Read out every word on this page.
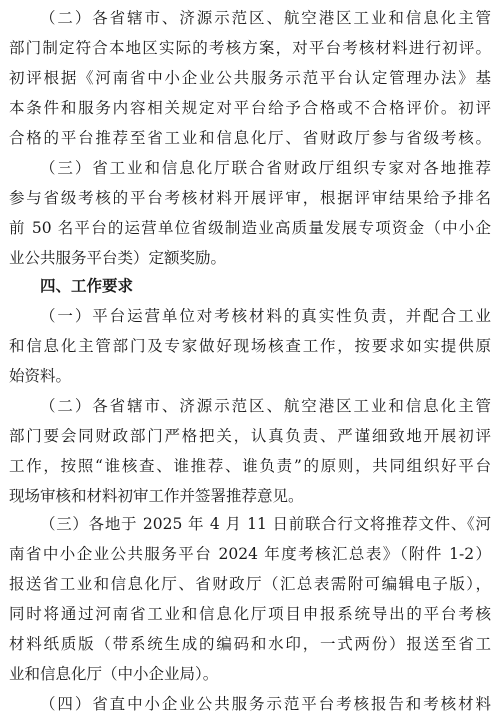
（二）各省辖市、济源示范区、航空港区工业和信息化主管
部门制定符合本地区实际的考核方案，对平台考核材料进行初评。
初评根据《河南省中小企业公共服务示范平台认定管理办法》基
本条件和服务内容相关规定对平台给予合格或不合格评价。初评
合格的平台推荐至省工业和信息化厅、省财政厅参与省级考核。
（三）省工业和信息化厅联合省财政厅组织专家对各地推荐
参与省级考核的平台考核材料开展评审，根据评审结果给予排名
前 50 名平台的运营单位省级制造业高质量发展专项资金（中小企
业公共服务平台类）定额奖励。
四、工作要求
（一）平台运营单位对考核材料的真实性负责，并配合工业
和信息化主管部门及专家做好现场核查工作，按要求如实提供原
始资料。
（二）各省辖市、济源示范区、航空港区工业和信息化主管
部门要会同财政部门严格把关，认真负责、严谨细致地开展初评
工作，按照“谁核查、谁推荐、谁负责”的原则，共同组织好平台
现场审核和材料初审工作并签署推荐意见。
（三）各地于 2025 年 4 月 11 日前联合行文将推荐文件、《河
南省中小企业公共服务平台 2024 年度考核汇总表》（附件 1-2）
报送省工业和信息化厅、省财政厅（汇总表需附可编辑电子版），
同时将通过河南省工业和信息化厅项目申报系统导出的平台考核
材料纸质版（带系统生成的编码和水印，一式两份）报送至省工
业和信息化厅（中小企业局）。
（四）省直中小企业公共服务示范平台考核报告和考核材料
